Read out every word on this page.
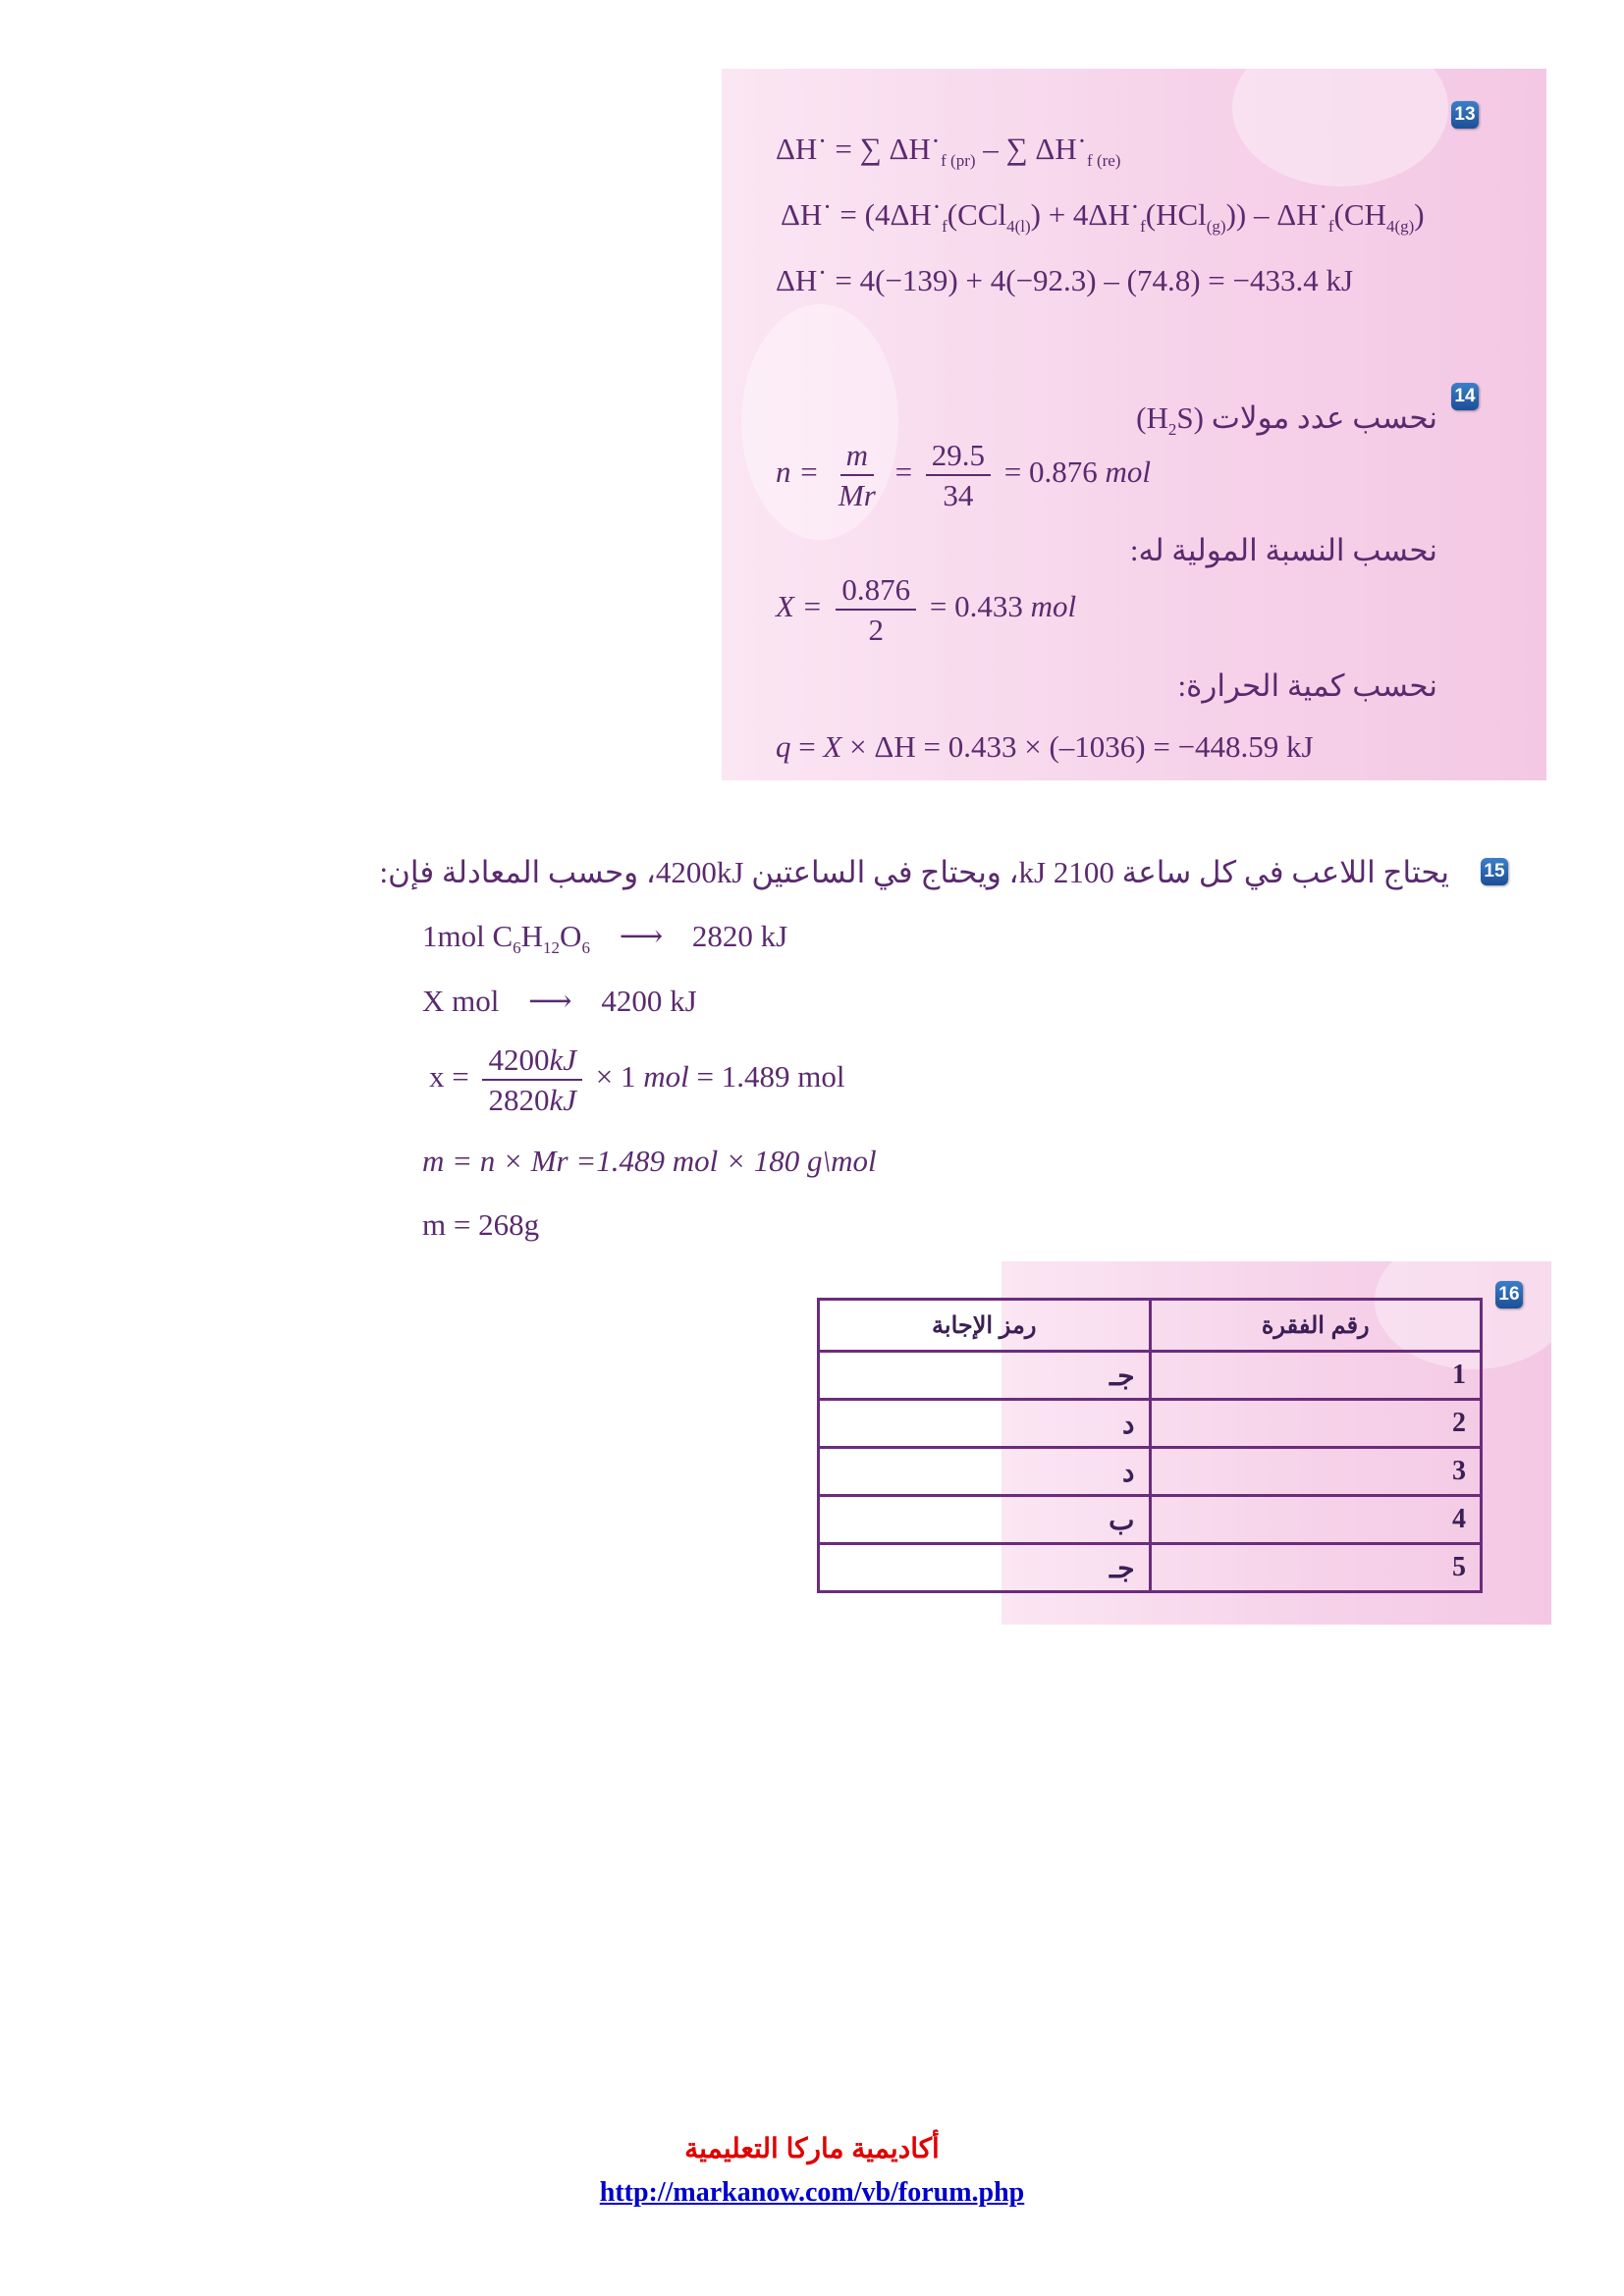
13
ΔH˙ = ∑ $\Delta H˙_{f (pr)}$ – ∑ $\Delta H˙_{f (re)}$
ΔH˙ = ($4\Delta H˙_f(CCl_{4(l)})$ + $4\Delta H˙_f(HCl_{(g)})$) – $\Delta H˙_f(CH_{4(g)})$
ΔH˙ = 4(−139) + 4(−92.3) – (74.8) = −433.4 kJ
14
نحسب عدد مولات $(H_2S)$
$n = \frac{m}{Mr} = \frac{29.5}{34} = 0.876$ mol
نحسب النسبة المولية له:
$X = \frac{0.876}{2} = 0.433$ mol
نحسب كمية الحرارة:
q = X × ΔH = 0.433 × (–1036) = −448.59 kJ
15
يحتاج اللاعب في كل ساعة 2100 kJ، ويحتاج في الساعتين 4200kJ، وحسب المعادلة فإن:
1mol $C_6H_{12}O_6$ ⟶ 2820 kJ
X mol ⟶ 4200 kJ
$x = \frac{4200kJ}{2820kJ} \times 1$ mol = 1.489 mol
m = n × Mr =1.489 mol × 180 g\mol
m = 268g
16
رقم الفقرة	رمز الإجابة
1	جـ
2	د
3	د
4	ب
5	جـ
أكاديمية ماركا التعليمية
http://markanow.com/vb/forum.php
